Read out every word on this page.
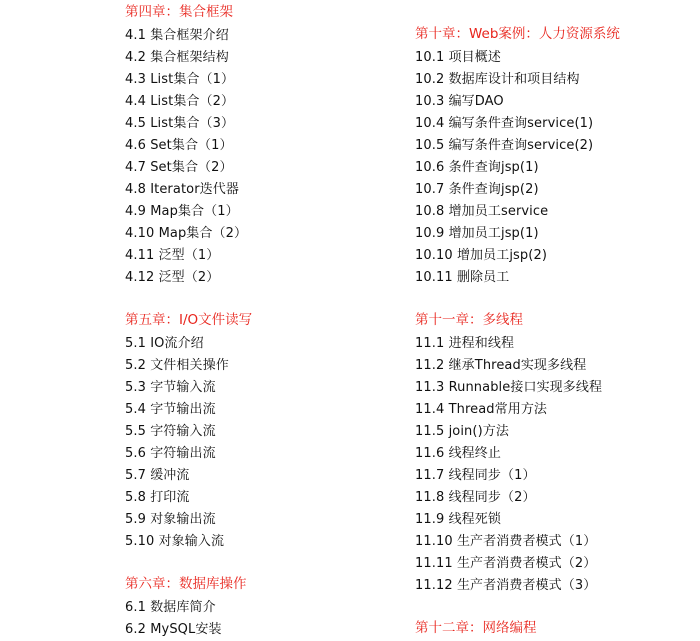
第四章：集合框架
4.1 集合框架介绍
4.2 集合框架结构
4.3 List集合（1）
4.4 List集合（2）
4.5 List集合（3）
4.6 Set集合（1）
4.7 Set集合（2）
4.8 Iterator迭代器
4.9 Map集合（1）
4.10 Map集合（2）
4.11 泛型（1）
4.12 泛型（2）
第五章：I/O文件读写
5.1 IO流介绍
5.2 文件相关操作
5.3 字节输入流
5.4 字节输出流
5.5 字符输入流
5.6 字符输出流
5.7 缓冲流
5.8 打印流
5.9 对象输出流
5.10 对象输入流
第六章：数据库操作
6.1 数据库简介
6.2 MySQL安装
第十章：Web案例：人力资源系统
10.1 项目概述
10.2 数据库设计和项目结构
10.3 编写DAO
10.4 编写条件查询service(1)
10.5 编写条件查询service(2)
10.6 条件查询jsp(1)
10.7 条件查询jsp(2)
10.8 增加员工service
10.9 增加员工jsp(1)
10.10 增加员工jsp(2)
10.11 删除员工
第十一章：多线程
11.1 进程和线程
11.2 继承Thread实现多线程
11.3 Runnable接口实现多线程
11.4 Thread常用方法
11.5 join()方法
11.6 线程终止
11.7 线程同步（1）
11.8 线程同步（2）
11.9 线程死锁
11.10 生产者消费者模式（1）
11.11 生产者消费者模式（2）
11.12 生产者消费者模式（3）
第十二章：网络编程
